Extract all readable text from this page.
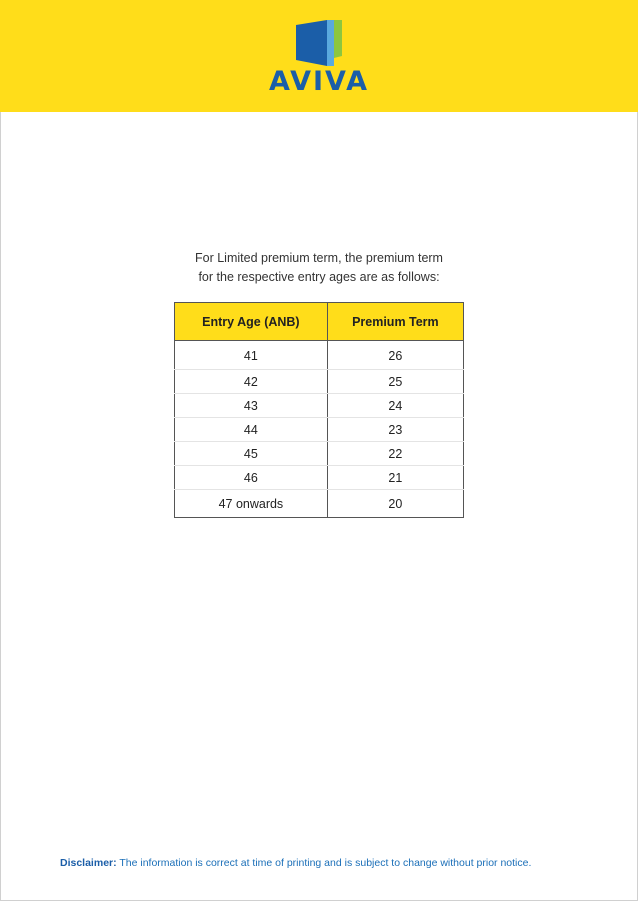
AVIVA
For Limited premium term, the premium term
for the respective entry ages are as follows:
Entry Age (ANB)	Premium Term
41	26
42	25
43	24
44	23
45	22
46	21
47 onwards	20
Disclaimer: The information is correct at time of printing and is subject to change without prior notice.
